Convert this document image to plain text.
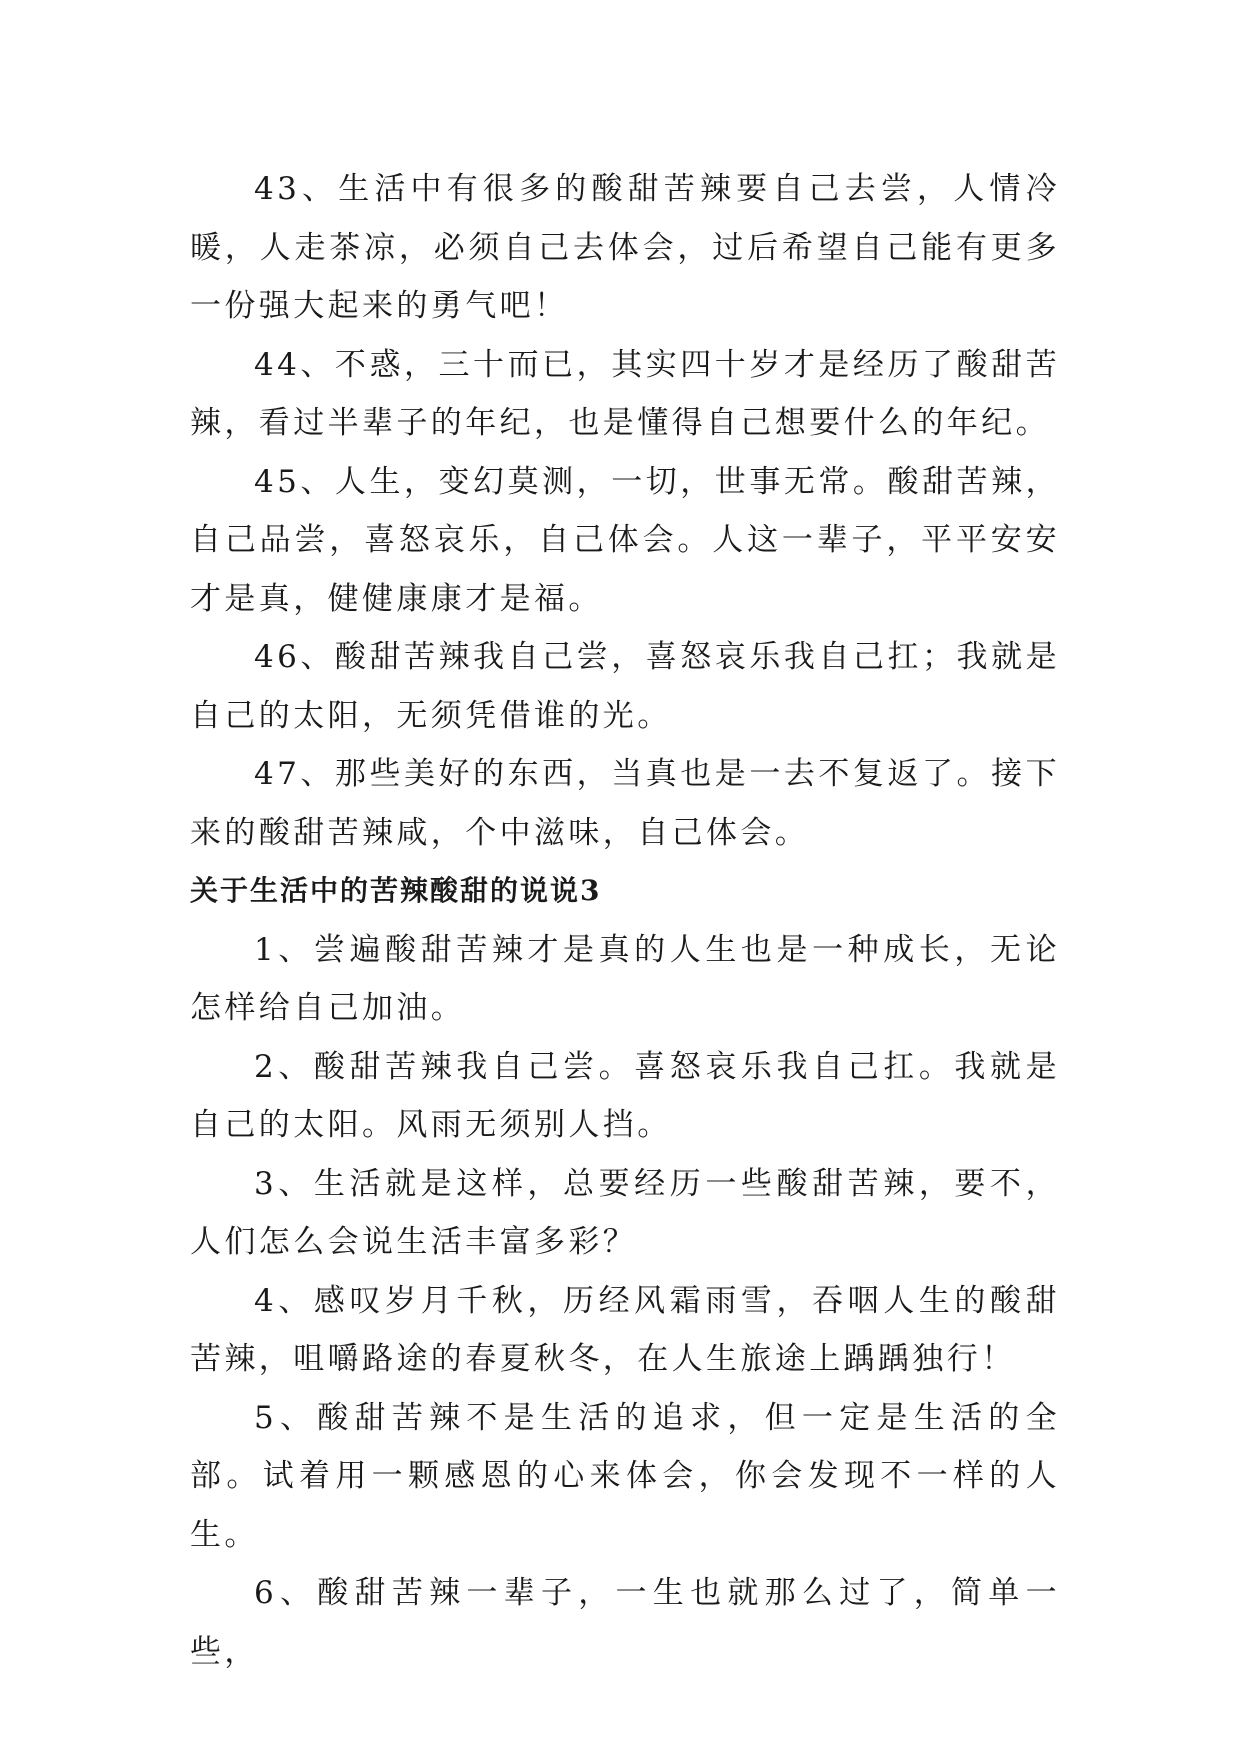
43、生活中有很多的酸甜苦辣要自己去尝，人情冷暖，人走茶凉，必须自己去体会，过后希望自己能有更多一份强大起来的勇气吧！

44、不惑，三十而已，其实四十岁才是经历了酸甜苦辣，看过半辈子的年纪，也是懂得自己想要什么的年纪。

45、人生，变幻莫测，一切，世事无常。酸甜苦辣，自己品尝，喜怒哀乐，自己体会。人这一辈子，平平安安才是真，健健康康才是福。

46、酸甜苦辣我自己尝，喜怒哀乐我自己扛；我就是自己的太阳，无须凭借谁的光。

47、那些美好的东西，当真也是一去不复返了。接下来的酸甜苦辣咸，个中滋味，自己体会。

关于生活中的苦辣酸甜的说说3

1、尝遍酸甜苦辣才是真的人生也是一种成长，无论怎样给自己加油。

2、酸甜苦辣我自己尝。喜怒哀乐我自己扛。我就是自己的太阳。风雨无须别人挡。

3、生活就是这样，总要经历一些酸甜苦辣，要不，人们怎么会说生活丰富多彩？

4、感叹岁月千秋，历经风霜雨雪，吞咽人生的酸甜苦辣，咀嚼路途的春夏秋冬，在人生旅途上踽踽独行！

5、酸甜苦辣不是生活的追求，但一定是生活的全部。试着用一颗感恩的心来体会，你会发现不一样的人生。

6、酸甜苦辣一辈子，一生也就那么过了，简单一些，
